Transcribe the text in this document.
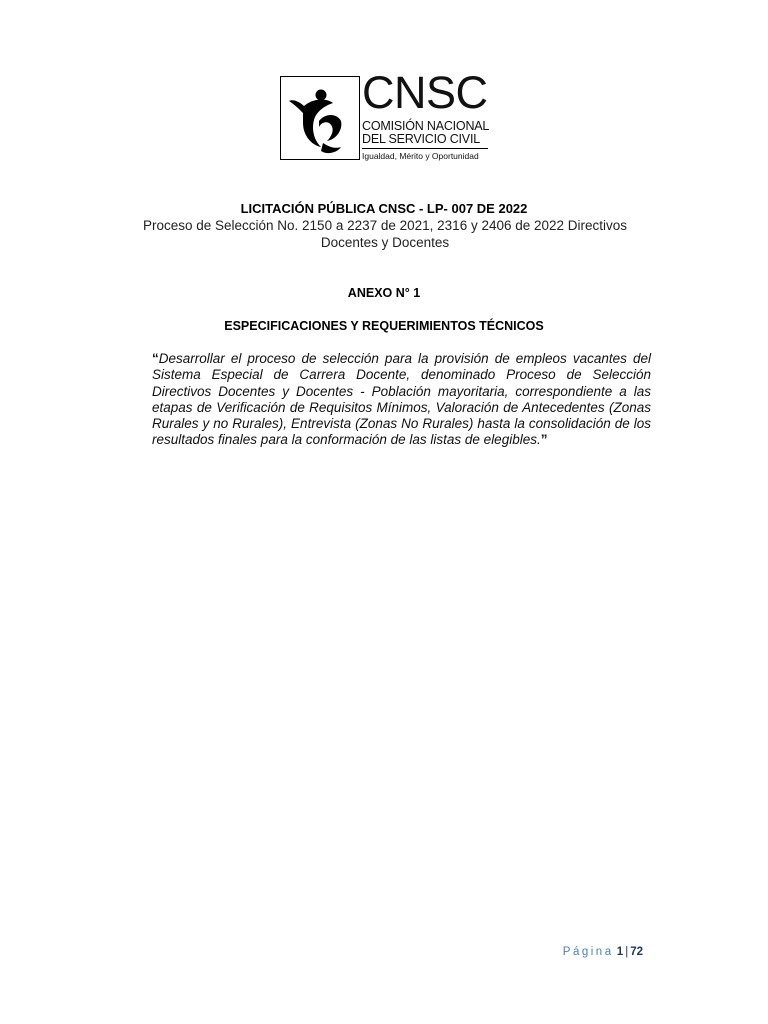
CNSC
COMISIÓN NACIONAL
DEL SERVICIO CIVIL
Igualdad, Mérito y Oportunidad
LICITACIÓN PÚBLICA CNSC - LP- 007 DE 2022
Proceso de Selección No. 2150 a 2237 de 2021, 2316 y 2406 de 2022 Directivos Docentes y Docentes
ANEXO N° 1
ESPECIFICACIONES Y REQUERIMIENTOS TÉCNICOS
“Desarrollar el proceso de selección para la provisión de empleos vacantes del Sistema Especial de Carrera Docente, denominado Proceso de Selección Directivos Docentes y Docentes - Población mayoritaria, correspondiente a las etapas de Verificación de Requisitos Mínimos, Valoración de Antecedentes (Zonas Rurales y no Rurales), Entrevista (Zonas No Rurales) hasta la consolidación de los resultados finales para la conformación de las listas de elegibles.”
Página 1 | 72
